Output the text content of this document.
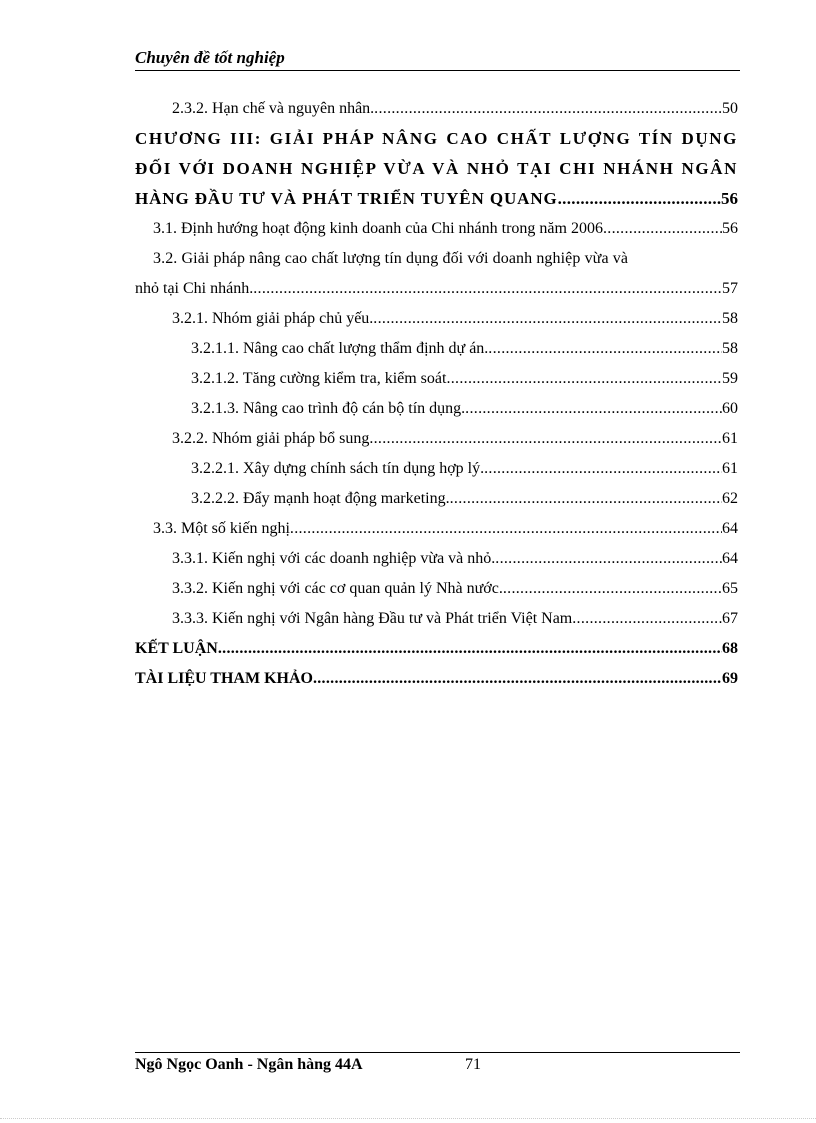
Chuyên đề tốt nghiệp
2.3.2. Hạn chế và nguyên nhân. .....	50
CHƯƠNG III: GIẢI PHÁP NÂNG CAO CHẤT LƯỢNG TÍN DỤNG
ĐỐI VỚI DOANH NGHIỆP VỪA VÀ NHỎ TẠI CHI NHÁNH NGÂN
HÀNG ĐẦU TƯ VÀ PHÁT TRIỂN TUYÊN QUANG .....	56
3.1. Định hướng hoạt động kinh doanh của Chi nhánh trong năm 2006 .....	56
3.2. Giải pháp nâng cao chất lượng tín dụng đối với doanh nghiệp vừa và
nhỏ tại Chi nhánh. .....	57
3.2.1. Nhóm giải pháp chủ yếu. .....	58
3.2.1.1. Nâng cao chất lượng thẩm định dự án. .....	58
3.2.1.2. Tăng cường kiểm tra, kiểm soát .....	59
3.2.1.3. Nâng cao trình độ cán bộ tín dụng. .....	60
3.2.2. Nhóm giải pháp bổ sung .....	61
3.2.2.1. Xây dựng chính sách tín dụng hợp lý. .....	61
3.2.2.2. Đẩy mạnh hoạt động marketing. .....	62
3.3. Một số kiến nghị .....	64
3.3.1. Kiến nghị với các doanh nghiệp vừa và nhỏ. .....	64
3.3.2. Kiến nghị với các cơ quan quản lý Nhà nước. .....	65
3.3.3. Kiến nghị với Ngân hàng Đầu tư và Phát triển Việt Nam .....	67
KẾT LUẬN .....	68
TÀI LIỆU THAM KHẢO .....	69
Ngô Ngọc Oanh - Ngân hàng 44A	71
